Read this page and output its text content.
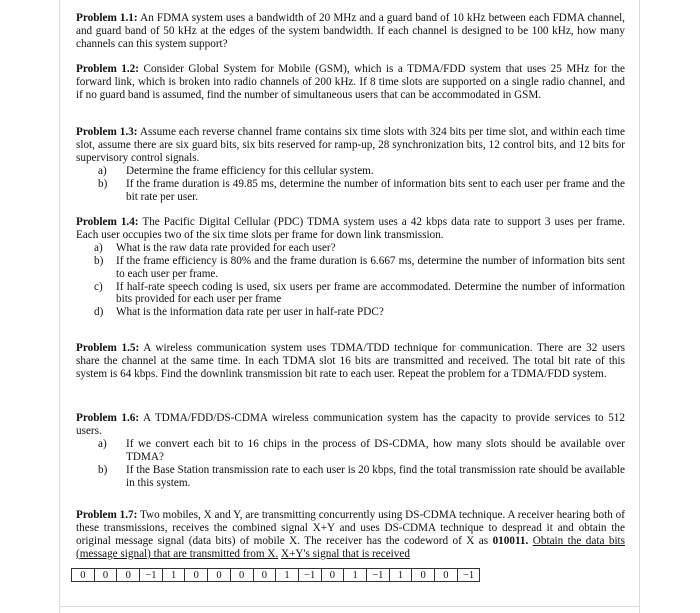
Problem 1.1: An FDMA system uses a bandwidth of 20 MHz and a guard band of 10 kHz between each FDMA channel, and guard band of 50 kHz at the edges of the system bandwidth. If each channel is designed to be 100 kHz, how many channels can this system support?
Problem 1.2: Consider Global System for Mobile (GSM), which is a TDMA/FDD system that uses 25 MHz for the forward link, which is broken into radio channels of 200 kHz. If 8 time slots are supported on a single radio channel, and if no guard band is assumed, find the number of simultaneous users that can be accommodated in GSM.
Problem 1.3: Assume each reverse channel frame contains six time slots with 324 bits per time slot, and within each time slot, assume there are six guard bits, six bits reserved for ramp-up, 28 synchronization bits, 12 control bits, and 12 bits for supervisory control signals.
a)	Determine the frame efficiency for this cellular system.
b)	If the frame duration is 49.85 ms, determine the number of information bits sent to each user per frame and the bit rate per user.
Problem 1.4: The Pacific Digital Cellular (PDC) TDMA system uses a 42 kbps data rate to support 3 uses per frame. Each user occupies two of the six time slots per frame for down link transmission.
a)	What is the raw data rate provided for each user?
b)	If the frame efficiency is 80% and the frame duration is 6.667 ms, determine the number of information bits sent to each user per frame.
c)	If half-rate speech coding is used, six users per frame are accommodated. Determine the number of information bits provided for each user per frame
d)	What is the information data rate per user in half-rate PDC?
Problem 1.5: A wireless communication system uses TDMA/TDD technique for communication. There are 32 users share the channel at the same time. In each TDMA slot 16 bits are transmitted and received. The total bit rate of this system is 64 kbps. Find the downlink transmission bit rate to each user. Repeat the problem for a TDMA/FDD system.
Problem 1.6: A TDMA/FDD/DS-CDMA wireless communication system has the capacity to provide services to 512 users.
a)	If we convert each bit to 16 chips in the process of DS-CDMA, how many slots should be available over TDMA?
b)	If the Base Station transmission rate to each user is 20 kbps, find the total transmission rate should be available in this system.
Problem 1.7: Two mobiles, X and Y, are transmitting concurrently using DS-CDMA technique. A receiver hearing both of these transmissions, receives the combined signal X+Y and uses DS-CDMA technique to despread it and obtain the original message signal (data bits) of mobile X. The receiver has the codeword of X as 010011. Obtain the data bits (message signal) that are transmitted from X. X+Y's signal that is received
0	0	0	−1	1	0	0	0	0	1	−1	0	1	−1	1	0	0	−1
